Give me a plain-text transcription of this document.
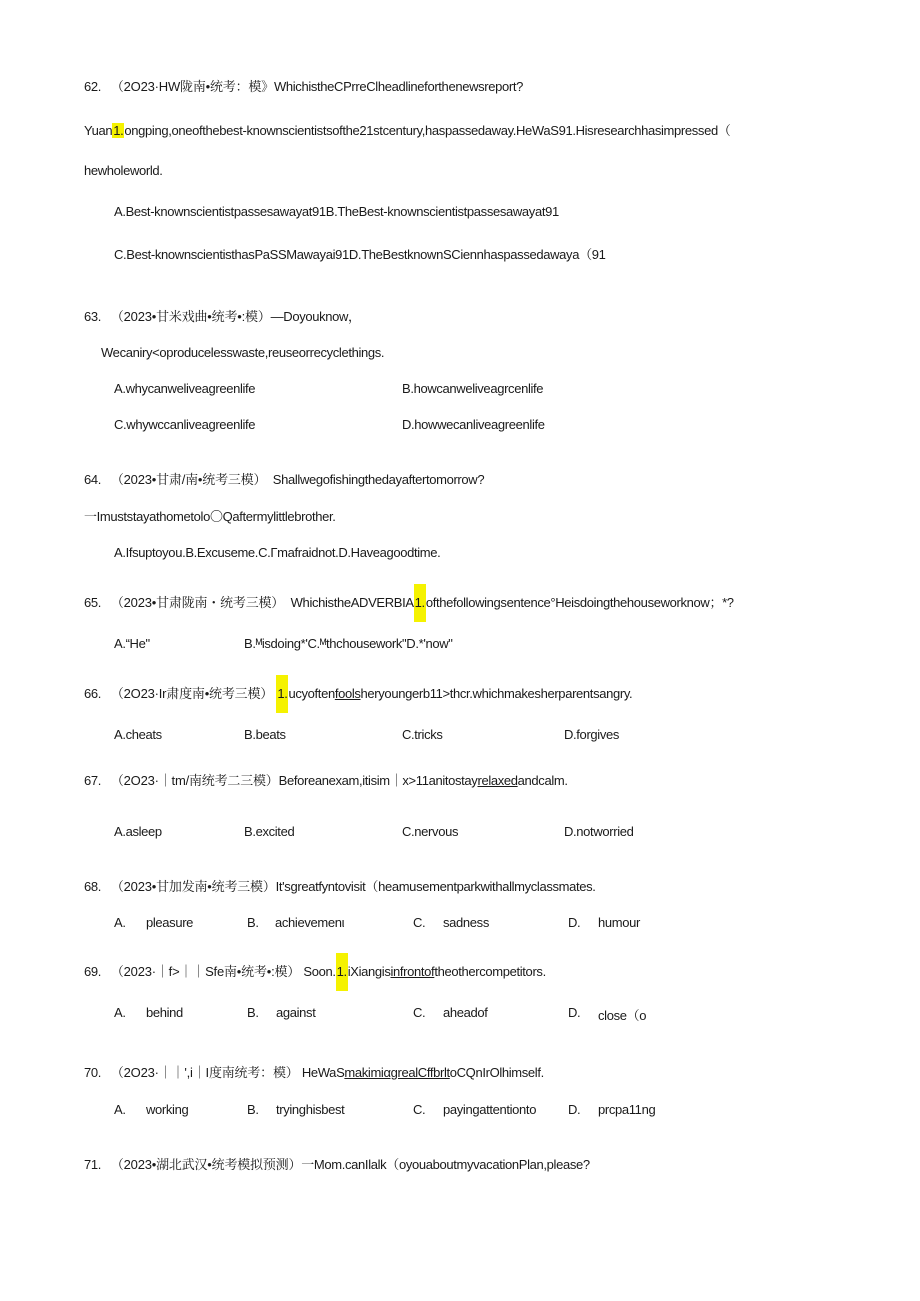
62. （2O23·HW陇南•统考：模》WhichistheCPrreClheadlineforthenewsreport?
Yuan1.ongping,oneofthebest-knownscientistsofthe21stcentury,haspassedaway.HeWaS91.Hisresearchhasimpressed（
hewholeworld.
A.Best-knownscientistpassesawayat91B.TheBest-knownscientistpassesawayat91
C.Best-knownscientisthasPaSSMawayai91D.TheBestknownSCiennhaspassedawaya（91
63. （2023•甘米戏曲•统考•:模）—Doyouknow，
Wecaniry<oproducelesswaste,reuseorrecyclethings.
A.whycanweliveagreenlife	B.howcanweliveagrcenlife
C.whywccanliveagreenlife	D.howwecanliveagreenlife
64. （2023•甘肃/南•统考三模） Shallwegofishingthedayaftertomorrow?
一Imuststayathometolo〇Qaftermylittlebrother.
A.Ifsuptoyou.B.Excuseme.C.Γmafraidnot.D.Haveagoodtime.
65. （2023•甘肃陇南・统考三模） WhichistheADVERBIA1.ofthefollowingsentence°Heisdoingthehouseworknow；*?
A.“He"	B.ᴹisdoing*'C.ᴹthchousework"D.*'now"
66. （2O23·Ir肃度南•统考三模） 1.ucyoftenfoolsheryoungerb11>thcr.whichmakesherparentsangry.
A.cheats	B.beats	C.tricks	D.forgives
67. （2O23·｜tm/南统考二三模）Beforeanexam,itisim｜x>11anitostayrelaxedandcalm.
A.asleep	B.excited	C.nervous	D.notworried
68. （2023•甘加发南•统考三模）It'sgreatfyntovisit（heamusementparkwithallmyclassmates.
A. pleasure	B. achievemenι	C. sadness	D. humour
69. （2023·｜f>｜｜Sfe南•统考•:模） Soon.1.iXiangisinfrontoftheothercompetitors.
A. behind	B. against	C. aheadof	D. close（o
70. （2O23·｜｜',i｜I度南统考：模） HeWaSmakimiαgrealCffbrltoCQnIrOlhimself.
A. working	B. tryinghisbest	C. payingattentionto D. prcpa11ng
71. （2023•湖北武汉•统考模拟预测）一Mom.canIlalk（oyouaboutmyvacationPlan,please?
